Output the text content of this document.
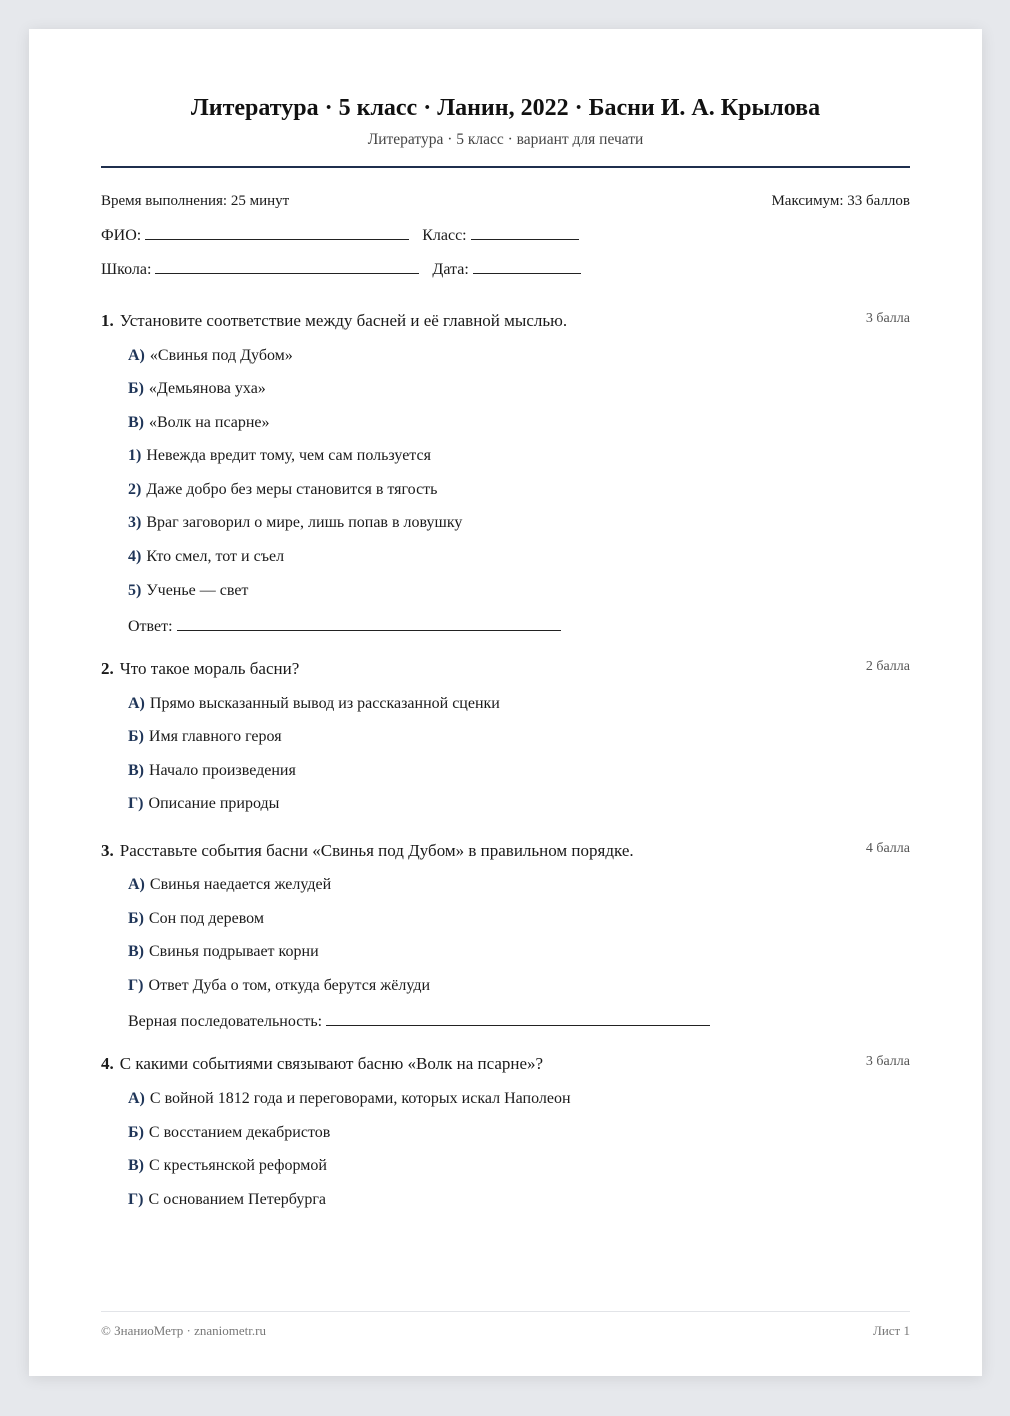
Литература · 5 класс · Ланин, 2022 · Басни И. А. Крылова
Литература · 5 класс · вариант для печати
Время выполнения: 25 минут	Максимум: 33 баллов
ФИО:	Класс:
Школа:	Дата:
1. Установите соответствие между басней и её главной мыслью.	3 балла
А) «Свинья под Дубом»
Б) «Демьянова уха»
В) «Волк на псарне»
1) Невежда вредит тому, чем сам пользуется
2) Даже добро без меры становится в тягость
3) Враг заговорил о мире, лишь попав в ловушку
4) Кто смел, тот и съел
5) Ученье — свет
Ответ:
2. Что такое мораль басни?	2 балла
А) Прямо высказанный вывод из рассказанной сценки
Б) Имя главного героя
В) Начало произведения
Г) Описание природы
3. Расставьте события басни «Свинья под Дубом» в правильном порядке.	4 балла
А) Свинья наедается желудей
Б) Сон под деревом
В) Свинья подрывает корни
Г) Ответ Дуба о том, откуда берутся жёлуди
Верная последовательность:
4. С какими событиями связывают басню «Волк на псарне»?	3 балла
А) С войной 1812 года и переговорами, которых искал Наполеон
Б) С восстанием декабристов
В) С крестьянской реформой
Г) С основанием Петербурга
© ЗнаниоМетр · znaniometr.ru	Лист 1
